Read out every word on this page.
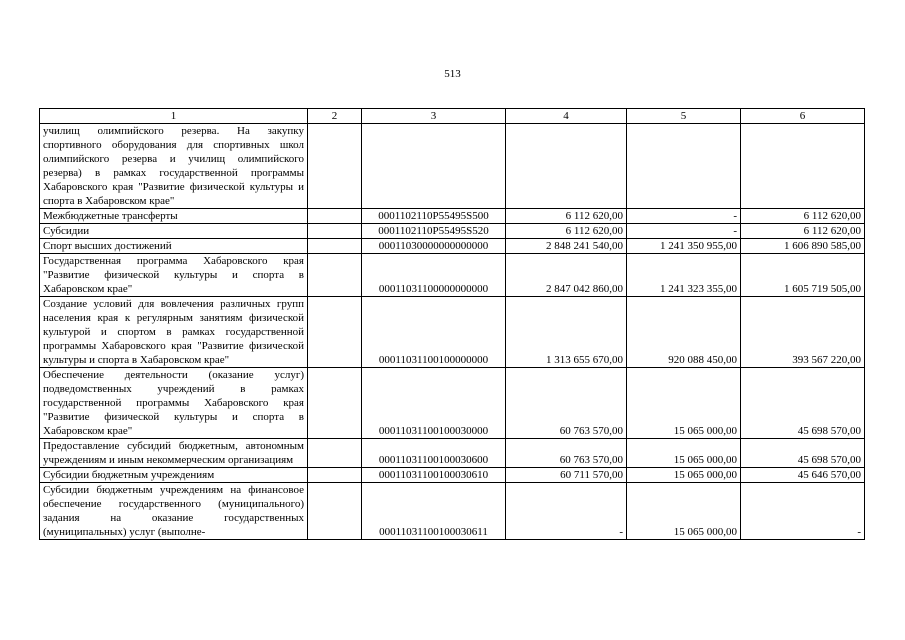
513
1	2	3	4	5	6
училищ олимпийского резерва. На закупку спортивного оборудования для спортивных школ олимпийского резерва и училищ олимпийского резерва) в рамках государственной программы Хабаровского края "Развитие физической культуры и спорта в Хабаровском крае"					
Межбюджетные трансферты		0001102110P55495S500	6 112 620,00	-	6 112 620,00
Субсидии		0001102110P55495S520	6 112 620,00	-	6 112 620,00
Спорт высших достижений		00011030000000000000	2 848 241 540,00	1 241 350 955,00	1 606 890 585,00
Государственная программа Хабаровского края "Развитие физической культуры и спорта в Хабаровском крае"		00011031100000000000	2 847 042 860,00	1 241 323 355,00	1 605 719 505,00
Создание условий для вовлечения различных групп населения края к регулярным занятиям физической культурой и спортом в рамках государственной программы Хабаровского края "Развитие физической культуры и спорта в Хабаровском крае"		00011031100100000000	1 313 655 670,00	920 088 450,00	393 567 220,00
Обеспечение деятельности (оказание услуг) подведомственных учреждений в рамках государственной программы Хабаровского края "Развитие физической культуры и спорта в Хабаровском крае"		00011031100100030000	60 763 570,00	15 065 000,00	45 698 570,00
Предоставление субсидий бюджетным, автономным учреждениям и иным некоммерческим организациям		00011031100100030600	60 763 570,00	15 065 000,00	45 698 570,00
Субсидии бюджетным учреждениям		00011031100100030610	60 711 570,00	15 065 000,00	45 646 570,00
Субсидии бюджетным учреждениям на финансовое обеспечение государственного (муниципального) задания на оказание государственных (муниципальных) услуг (выполне-		00011031100100030611	-	15 065 000,00	-
